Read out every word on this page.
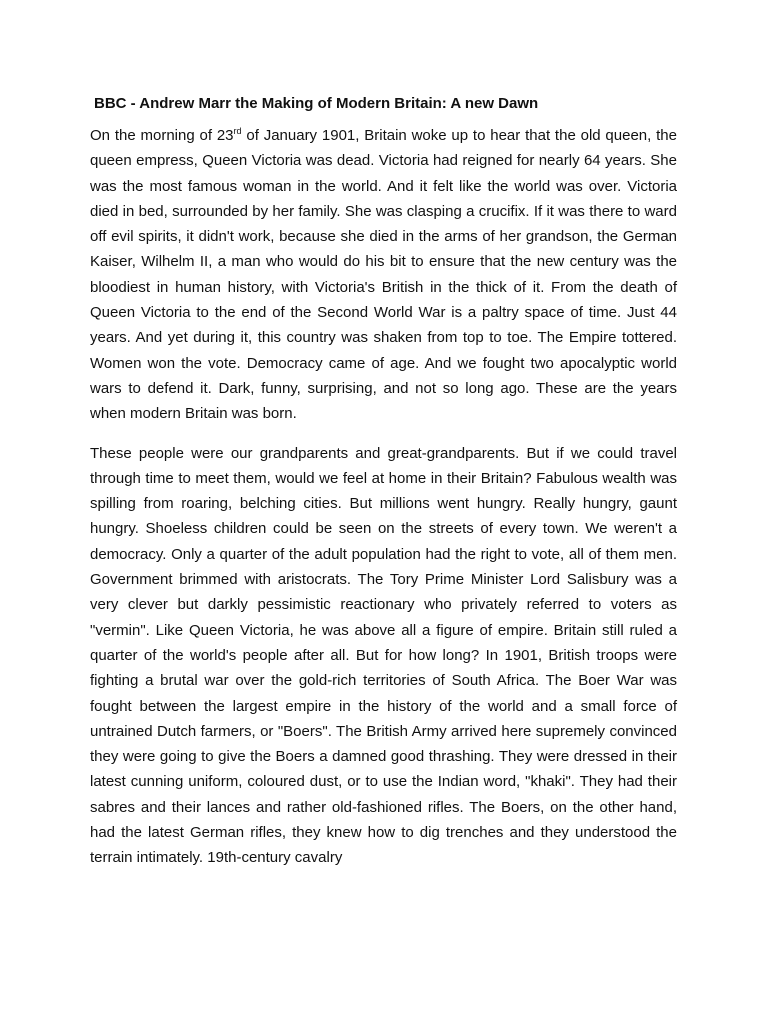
BBC - Andrew Marr the Making of Modern Britain: A new Dawn

On the morning of 23rd of January 1901, Britain woke up to hear that the old queen, the queen empress, Queen Victoria was dead. Victoria had reigned for nearly 64 years. She was the most famous woman in the world. And it felt like the world was over. Victoria died in bed, surrounded by her family. She was clasping a crucifix. If it was there to ward off evil spirits, it didn't work, because she died in the arms of her grandson, the German Kaiser, Wilhelm II, a man who would do his bit to ensure that the new century was the bloodiest in human history, with Victoria's British in the thick of it. From the death of Queen Victoria to the end of the Second World War is a paltry space of time. Just 44 years. And yet during it, this country was shaken from top to toe. The Empire tottered. Women won the vote. Democracy came of age. And we fought two apocalyptic world wars to defend it. Dark, funny, surprising, and not so long ago. These are the years when modern Britain was born.

These people were our grandparents and great-grandparents. But if we could travel through time to meet them, would we feel at home in their Britain? Fabulous wealth was spilling from roaring, belching cities. But millions went hungry. Really hungry, gaunt hungry. Shoeless children could be seen on the streets of every town. We weren't a democracy. Only a quarter of the adult population had the right to vote, all of them men. Government brimmed with aristocrats. The Tory Prime Minister Lord Salisbury was a very clever but darkly pessimistic reactionary who privately referred to voters as "vermin". Like Queen Victoria, he was above all a figure of empire. Britain still ruled a quarter of the world's people after all. But for how long? In 1901, British troops were fighting a brutal war over the gold-rich territories of South Africa. The Boer War was fought between the largest empire in the history of the world and a small force of untrained Dutch farmers, or "Boers". The British Army arrived here supremely convinced they were going to give the Boers a damned good thrashing. They were dressed in their latest cunning uniform, coloured dust, or to use the Indian word, "khaki". They had their sabres and their lances and rather old-fashioned rifles. The Boers, on the other hand, had the latest German rifles, they knew how to dig trenches and they understood the terrain intimately. 19th-century cavalry
